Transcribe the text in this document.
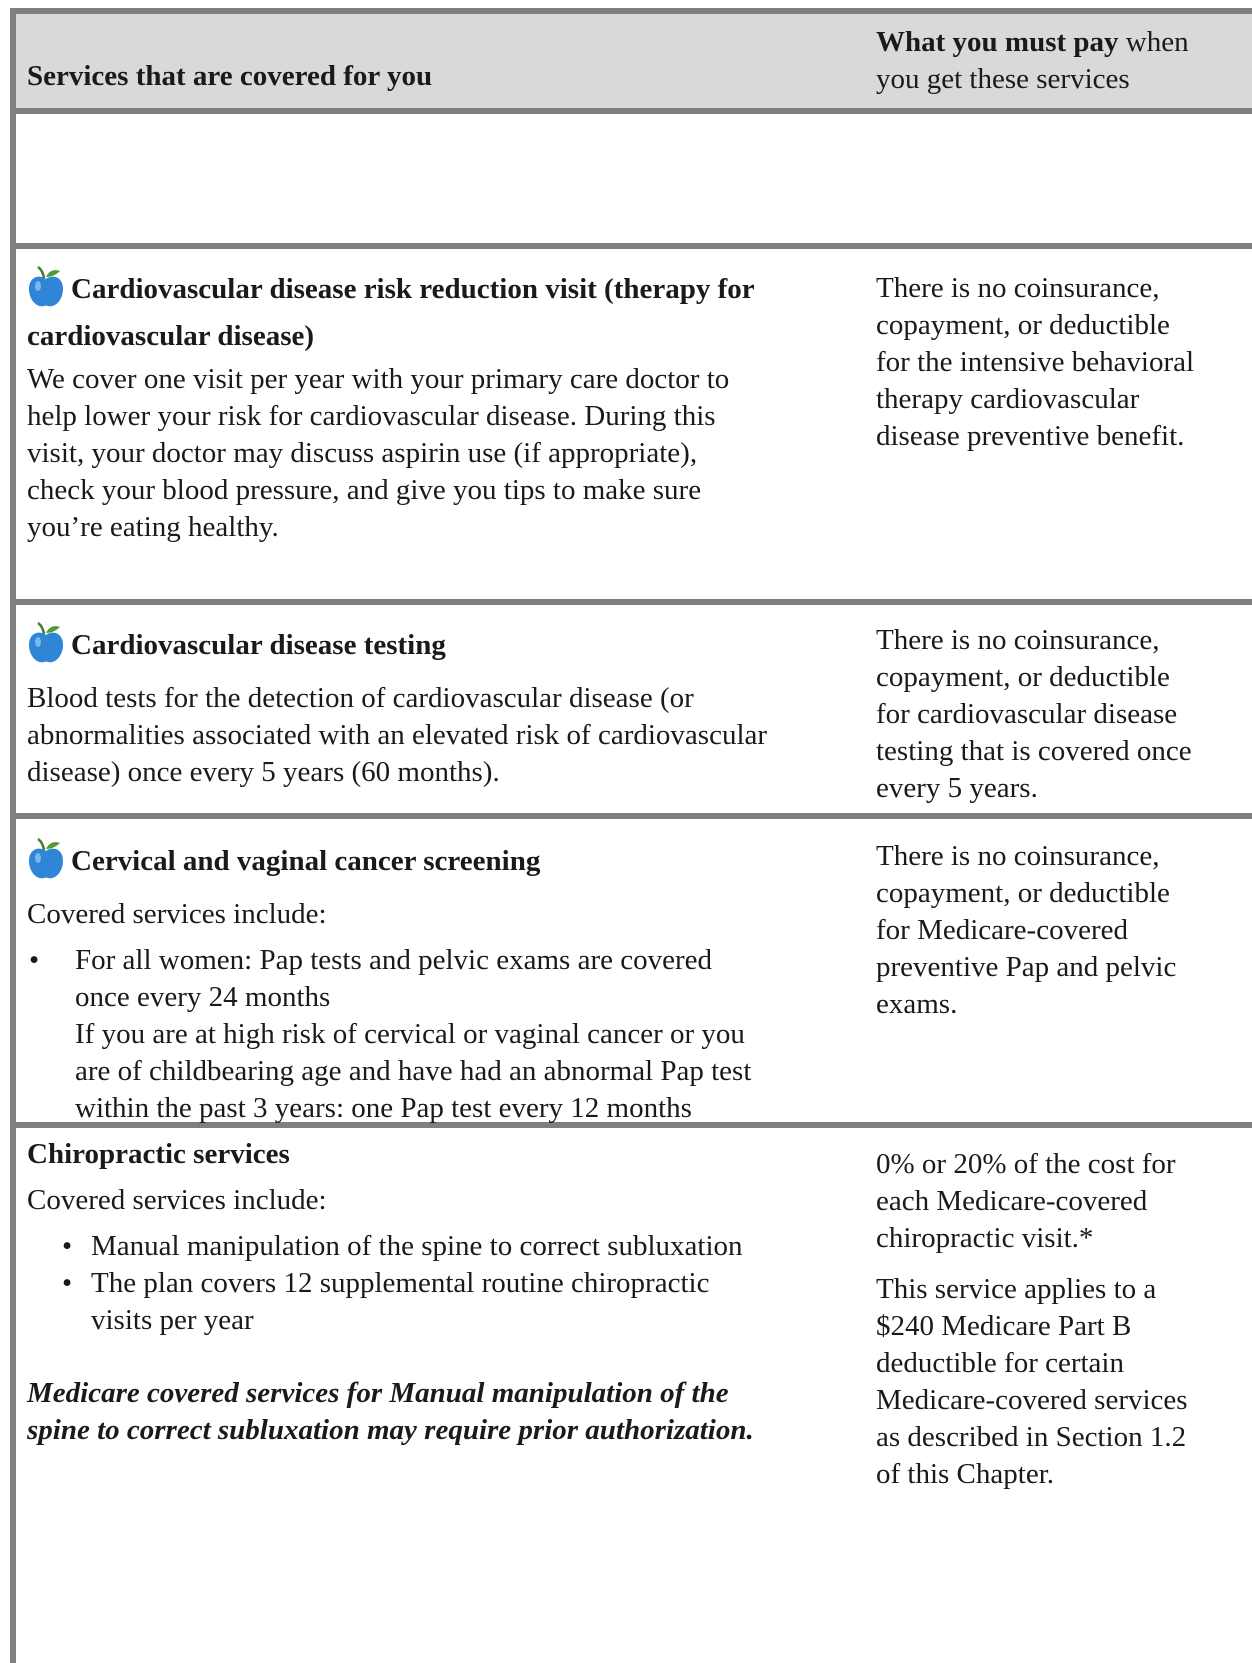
Services that are covered for you
What you must pay when
you get these services

Cardiovascular disease risk reduction visit (therapy for
cardiovascular disease)

We cover one visit per year with your primary care doctor to
help lower your risk for cardiovascular disease. During this
visit, your doctor may discuss aspirin use (if appropriate),
check your blood pressure, and give you tips to make sure
you’re eating healthy.

There is no coinsurance,
copayment, or deductible
for the intensive behavioral
therapy cardiovascular
disease preventive benefit.

Cardiovascular disease testing

Blood tests for the detection of cardiovascular disease (or
abnormalities associated with an elevated risk of cardiovascular
disease) once every 5 years (60 months).

There is no coinsurance,
copayment, or deductible
for cardiovascular disease
testing that is covered once
every 5 years.

Cervical and vaginal cancer screening

Covered services include:

• For all women: Pap tests and pelvic exams are covered
once every 24 months
If you are at high risk of cervical or vaginal cancer or you
are of childbearing age and have had an abnormal Pap test
within the past 3 years: one Pap test every 12 months
There is no coinsurance,
copayment, or deductible
for Medicare-covered
preventive Pap and pelvic
exams.

Chiropractic services

Covered services include:

• Manual manipulation of the spine to correct subluxation
• The plan covers 12 supplemental routine chiropractic
visits per year

Medicare covered services for Manual manipulation of the
spine to correct subluxation may require prior authorization.

0% or 20% of the cost for
each Medicare-covered
chiropractic visit.*

This service applies to a
$240 Medicare Part B
deductible for certain
Medicare-covered services
as described in Section 1.2
of this Chapter.
